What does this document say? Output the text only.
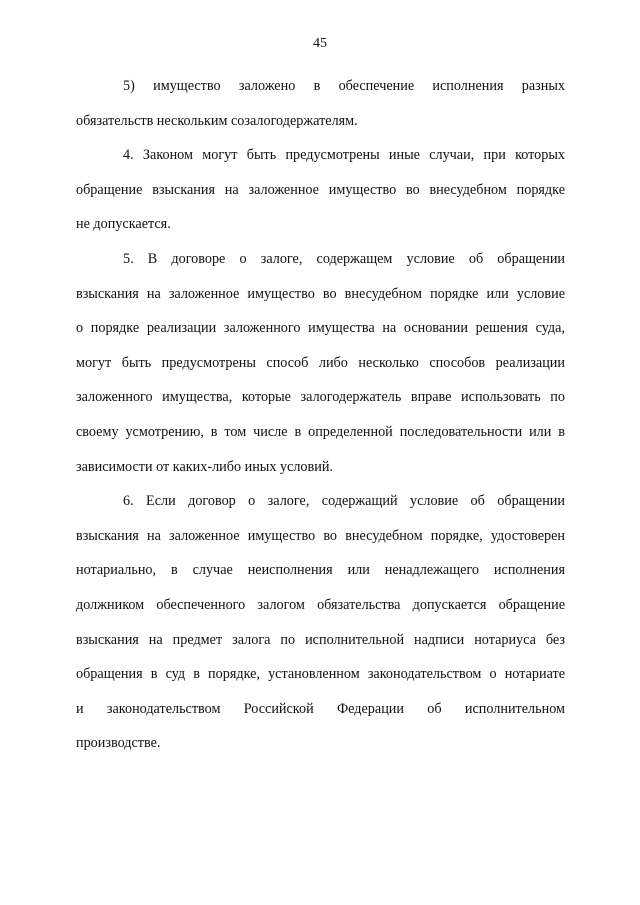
45
5) имущество заложено в обеспечение исполнения разных
обязательств нескольким созалогодержателям.
4. Законом могут быть предусмотрены иные случаи, при которых
обращение взыскания на заложенное имущество во внесудебном порядке
не допускается.
5. В договоре о залоге, содержащем условие об обращении
взыскания на заложенное имущество во внесудебном порядке или условие
о порядке реализации заложенного имущества на основании решения суда,
могут быть предусмотрены способ либо несколько способов реализации
заложенного имущества, которые залогодержатель вправе использовать по
своему усмотрению, в том числе в определенной последовательности или в
зависимости от каких-либо иных условий.
6. Если договор о залоге, содержащий условие об обращении
взыскания на заложенное имущество во внесудебном порядке, удостоверен
нотариально, в случае неисполнения или ненадлежащего исполнения
должником обеспеченного залогом обязательства допускается обращение
взыскания на предмет залога по исполнительной надписи нотариуса без
обращения в суд в порядке, установленном законодательством о нотариате
и законодательством Российской Федерации об исполнительном
производстве.
